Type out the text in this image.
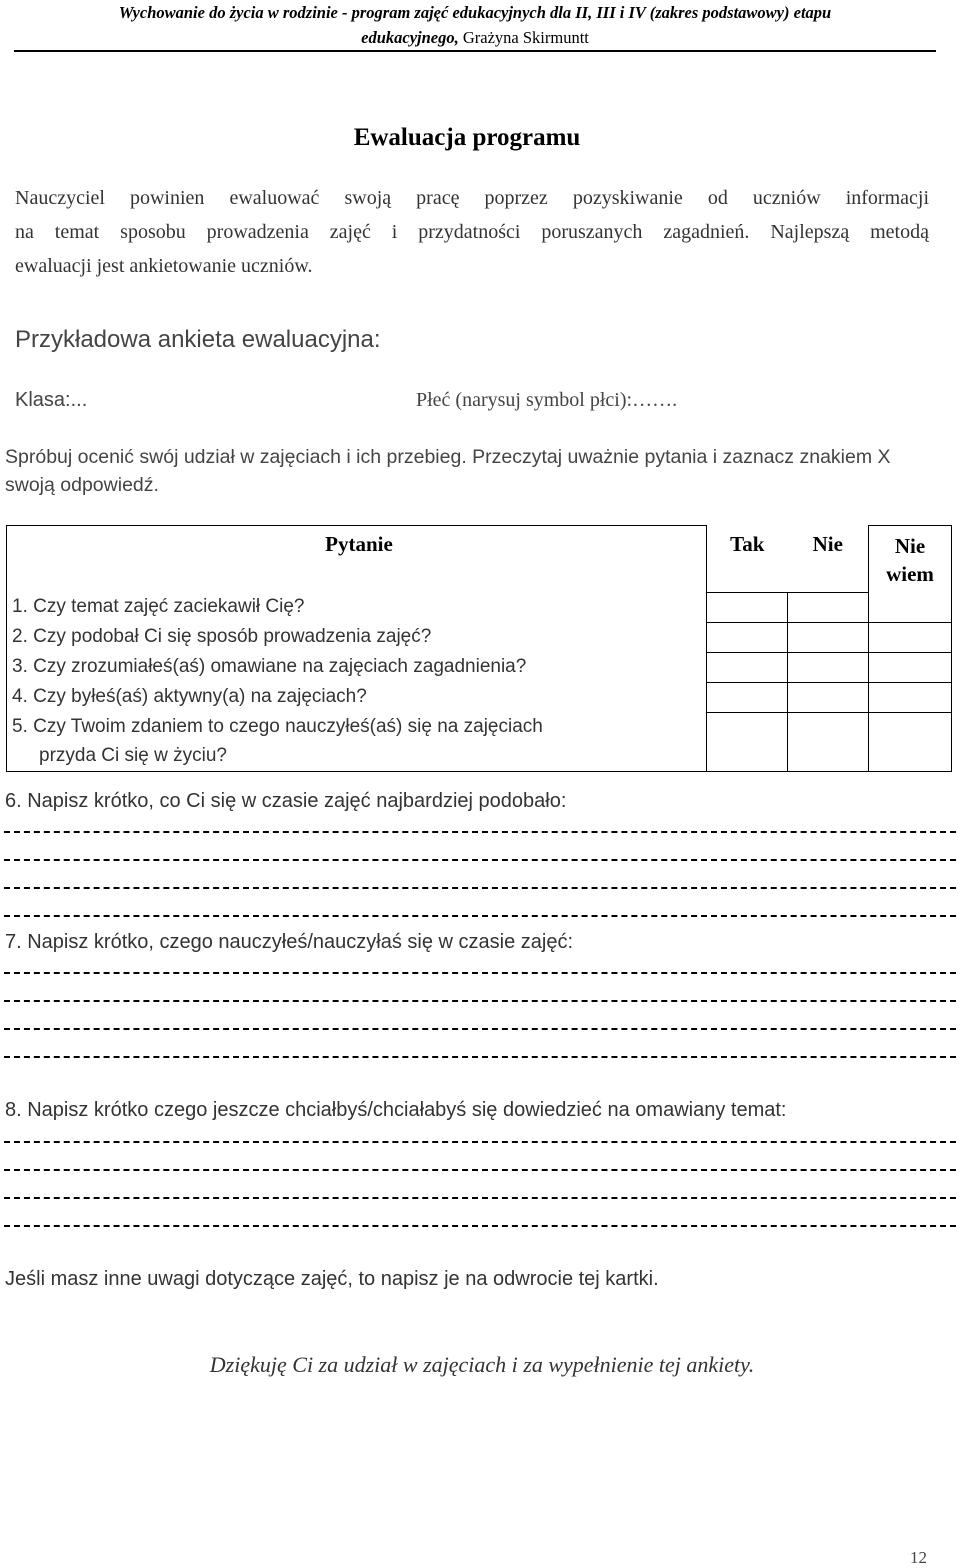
Wychowanie do życia w rodzinie - program zajęć edukacyjnych dla II, III i IV (zakres podstawowy) etapu
edukacyjnego, Grażyna Skirmuntt
Ewaluacja programu
Nauczyciel powinien ewaluować swoją pracę poprzez pozyskiwanie od uczniów informacji
na temat sposobu prowadzenia zajęć i przydatności poruszanych zagadnień. Najlepszą metodą
ewaluacji jest ankietowanie uczniów.
Przykładowa ankieta ewaluacyjna:
Klasa:...	Płeć (narysuj symbol płci):…….
Spróbuj ocenić swój udział w zajęciach i ich przebieg. Przeczytaj uważnie pytania i zaznacz znakiem X swoją odpowiedź.
Pytanie	Tak	Nie	Nie wiem
1. Czy temat zajęć zaciekawił Cię?			
2. Czy podobał Ci się sposób prowadzenia zajęć?			
3. Czy zrozumiałeś(aś) omawiane na zajęciach zagadnienia?			
4. Czy byłeś(aś) aktywny(a) na zajęciach?			

5. Czy Twoim zdaniem to czego nauczyłeś(aś) się na zajęciach
przyda Ci się w życiu?			

6. Napisz krótko, co Ci się w czasie zajęć najbardziej podobało:
7. Napisz krótko, czego nauczyłeś/nauczyłaś się w czasie zajęć:
8. Napisz krótko czego jeszcze chciałbyś/chciałabyś się dowiedzieć na omawiany temat:
Jeśli masz inne uwagi dotyczące zajęć, to napisz je na odwrocie tej kartki.
Dziękuję Ci za udział w zajęciach i za wypełnienie tej ankiety.
12
